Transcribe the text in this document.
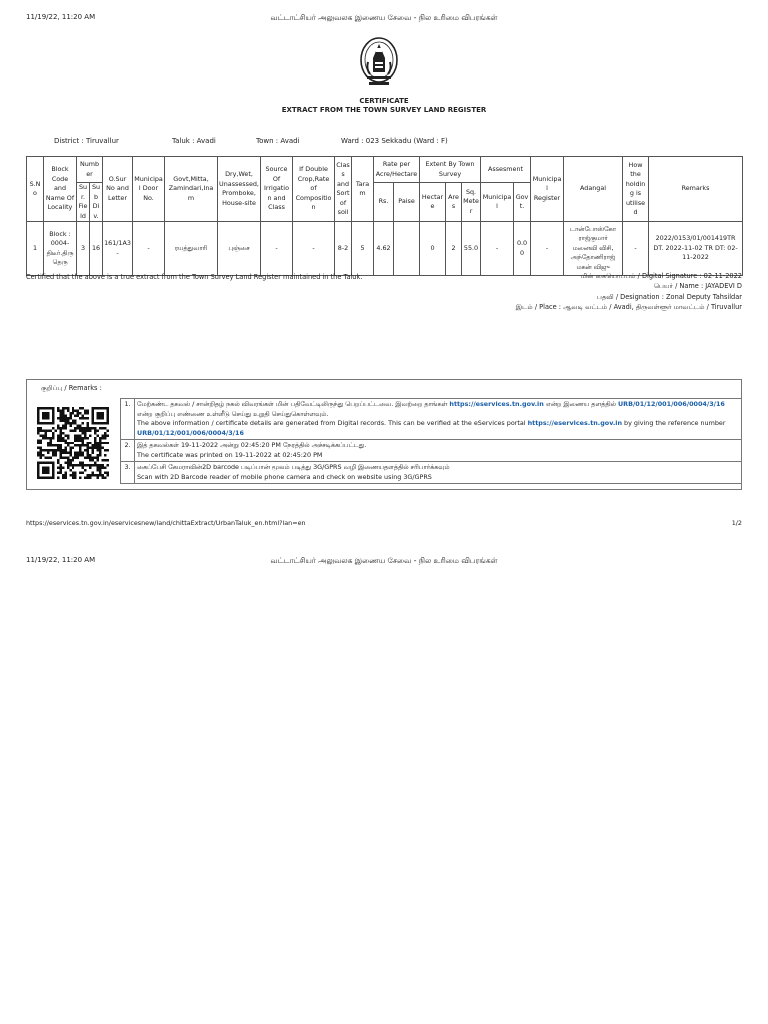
11/19/22, 11:20 AM	வட்டாட்சியர் அலுவலக இணைய சேவை - நில உரிமை விபரங்கள்
CERTIFICATE
EXTRACT FROM THE TOWN SURVEY LAND REGISTER
District : Tiruvallur	Taluk : Avadi	Town : Avadi	Ward : 023 Sekkadu (Ward : F)
S.No	Block Code and Name Of Locality	Number		O.Sur No and Letter	Municipal Door No.	Govt,Mitta, Zamindari,Inam	Dry,Wet, Unassessed, Promboke, House-site	Source Of Irrigation and Class	If Double Crop,Rate of Composition	Class and Sort of soil	Taram	Rate per Acre/Hectare		Extent By Town Survey			Assesment		Municipal Register	Adangal	How the holding is utilised	Remarks
		Sur. Field	Sub Div.									Rs.	Paise	Hectare	Ares	Sq. Meter	Municipal	Govt.				
1	Block : 0004-திடீர்.திரு தெரு	3	16	161/1A3 -	-	ரயத்துவாரி	புஞ்சை	-	-	8-2	5	4.62		0	2	55.0	-	0.00	-	டான்போஸ்கோ ராஜ்குமார் மனைவி விசி, அந்தோணிராஜ் மகன் விஜு	-	2022/0153/01/001419TR DT. 2022-11-02 TR DT: 02-11-2022
Certified that the above is a true extract from the Town Survey Land Register maintained in the Taluk.	மின் கையொப்பம் / Digital Signature : 02-11-2022
பெயர் / Name : JAYADEVI D
பதவி / Designation : Zonal Deputy Tahsildar
இடம் / Place : ஆவடி வட்டம் / Avadi, திருவள்ளூர் மாவட்டம் / Tiruvallur
குறிப்பு / Remarks :
1.	மேற்கண்ட தகவல் / சான்றிதழ் நகல் விவரங்கள் மின் பதிவேட்டிலிருந்து பெறப்பட்டவை. இவற்றை தாங்கள் https://eservices.tn.gov.in என்ற இணைய தளத்தில் URB/01/12/001/006/0004/3/16 என்ற குறிப்பு எண்ணை உள்ளீடு செய்து உறுதி செய்துகொள்ளவும்.
The above information / certificate details are generated from Digital records. This can be verified at the eServices portal https://eservices.tn.gov.in by giving the reference number URB/01/12/001/006/0004/3/16
2.	இத் தகவல்கள் 19-11-2022 அன்று 02:45:20 PM நேரத்தில் அச்சடிக்கப்பட்டது.
The certificate was printed on 19-11-2022 at 02:45:20 PM

3.	கைப்பேசி கேமராவின்2D barcode படிப்பான் மூலம் படித்து 3G/GPRS வழி இணையதளத்தில் சரிபார்க்கவும்
Scan with 2D Barcode reader of mobile phone camera and check on website using 3G/GPRS
https://eservices.tn.gov.in/eservicesnew/land/chittaExtract/UrbanTaluk_en.html?lan=en	1/2
11/19/22, 11:20 AM	வட்டாட்சியர் அலுவலக இணைய சேவை - நில உரிமை விபரங்கள்
